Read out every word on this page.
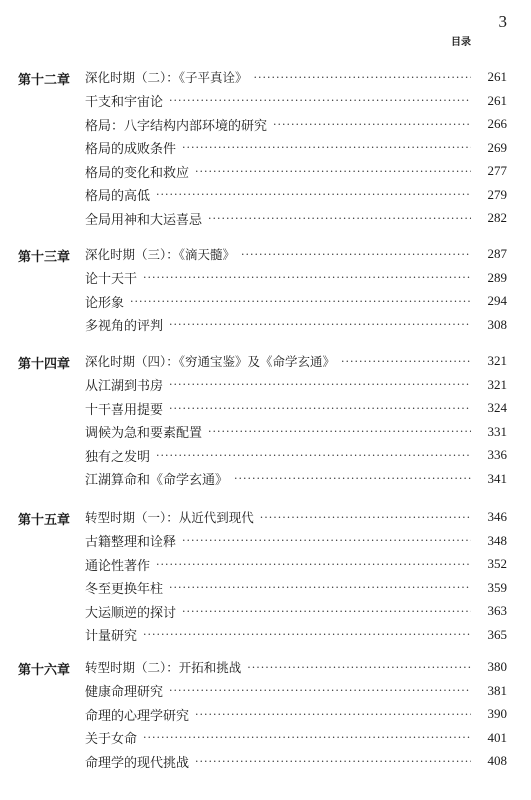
3
目录
第十二章	深化时期（二）：《子平真诠》 ·····	261
干支和宇宙论 ·····	261
格局：八字结构内部环境的研究 ·····	266
格局的成败条件 ·····	269
格局的变化和救应 ·····	277
格局的高低 ·····	279
全局用神和大运喜忌 ·····	282
第十三章	深化时期（三）：《滴天髓》 ·····	287
论十天干 ·····	289
论形象 ·····	294
多视角的评判 ·····	308
第十四章	深化时期（四）：《穷通宝鉴》及《命学玄通》 ·····	321
从江湖到书房 ·····	321
十干喜用提要 ·····	324
调候为急和要素配置 ·····	331
独有之发明 ·····	336
江湖算命和《命学玄通》 ·····	341
第十五章	转型时期（一）：从近代到现代 ·····	346
古籍整理和诠释 ·····	348
通论性著作 ·····	352
冬至更换年柱 ·····	359
大运顺逆的探讨 ·····	363
计量研究 ·····	365
第十六章	转型时期（二）：开拓和挑战 ·····	380
健康命理研究 ·····	381
命理的心理学研究 ·····	390
关于女命 ·····	401
命理学的现代挑战 ·····	408
